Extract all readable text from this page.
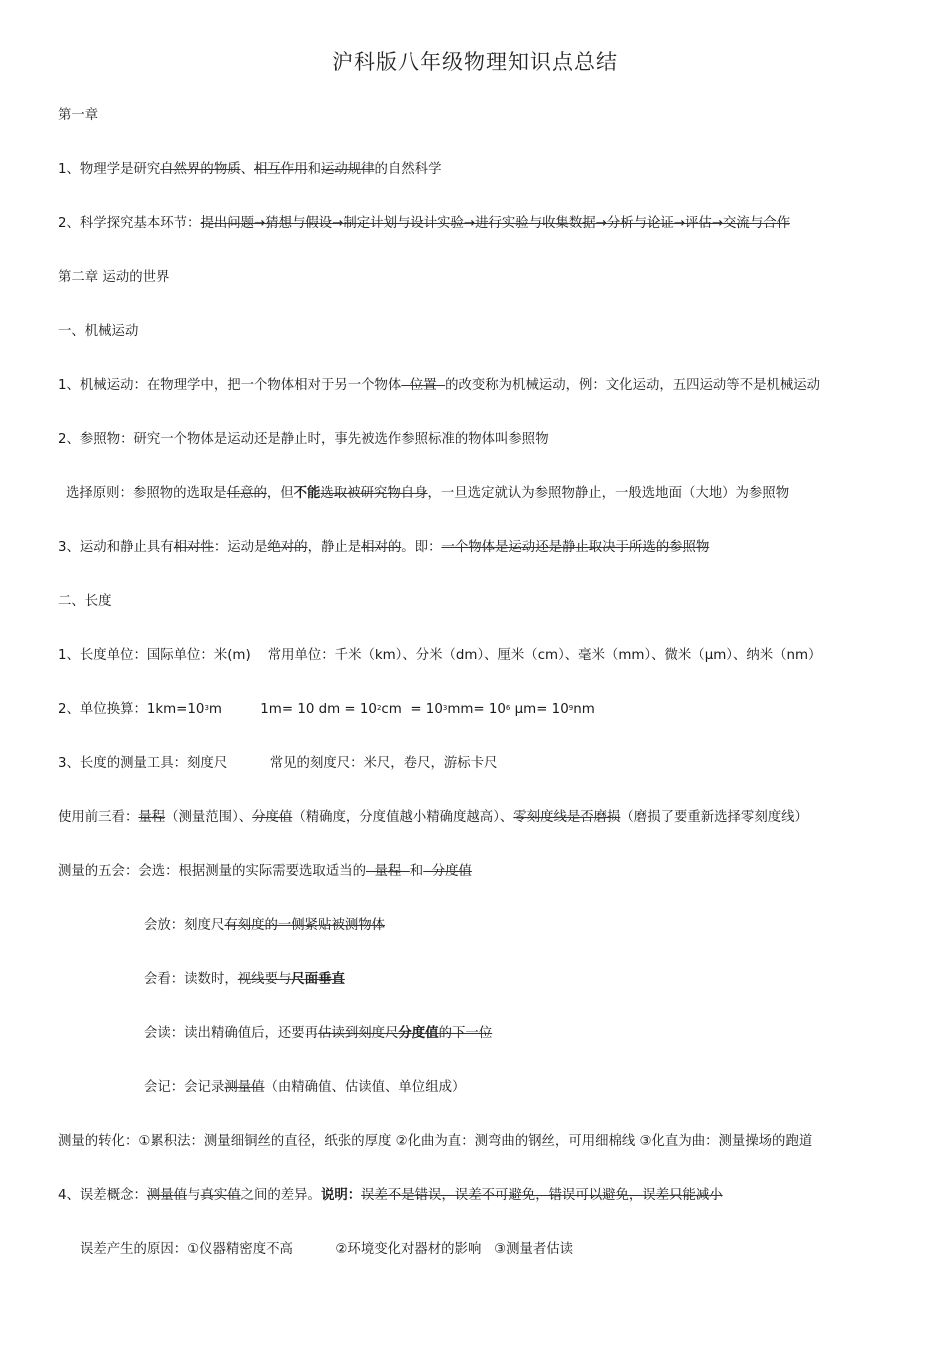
沪科版八年级物理知识点总结
第一章
1、物理学是研究自然界的物质、相互作用和运动规律的自然科学
2、科学探究基本环节：提出问题→猜想与假设→制定计划与设计实验→进行实验与收集数据→分析与论证→评估→交流与合作
第二章 运动的世界
一、机械运动
1、机械运动：在物理学中，把一个物体相对于另一个物体  位置  的改变称为机械运动，例：文化运动，五四运动等不是机械运动
2、参照物：研究一个物体是运动还是静止时，事先被选作参照标准的物体叫参照物
选择原则：参照物的选取是任意的，但不能选取被研究物自身，一旦选定就认为参照物静止，一般选地面（大地）为参照物
3、运动和静止具有相对性：运动是绝对的，静止是相对的。即：一个物体是运动还是静止取决于所选的参照物
二、长度
1、长度单位：国际单位：米(m)    常用单位：千米（km）、分米（dm）、厘米（cm）、毫米（mm）、微米（μm）、纳米（nm）
2、单位换算：$1km=10^3m$         1m= 10 dm = $10^2cm = 10^3mm= 10^6$ $\mu m= 10^9nm$
3、长度的测量工具：刻度尺          常见的刻度尺：米尺，卷尺，游标卡尺
使用前三看：量程（测量范围）、分度值（精确度，分度值越小精确度越高）、零刻度线是否磨损（磨损了要重新选择零刻度线）
测量的五会：会选：根据测量的实际需要选取适当的  量程  和  分度值
会放：刻度尺有刻度的一侧紧贴被测物体
会看：读数时，视线要与尺面垂直
会读：读出精确值后，还要再估读到刻度尺分度值的下一位
会记：会记录测量值（由精确值、估读值、单位组成）
测量的转化：①累积法：测量细铜丝的直径，纸张的厚度 ②化曲为直：测弯曲的钢丝，可用细棉线 ③化直为曲：测量操场的跑道
4、误差概念：测量值与真实值之间的差异。说明：误差不是错误，误差不可避免，错误可以避免，误差只能减小
误差产生的原因：①仪器精密度不高          ②环境变化对器材的影响   ③测量者估读
